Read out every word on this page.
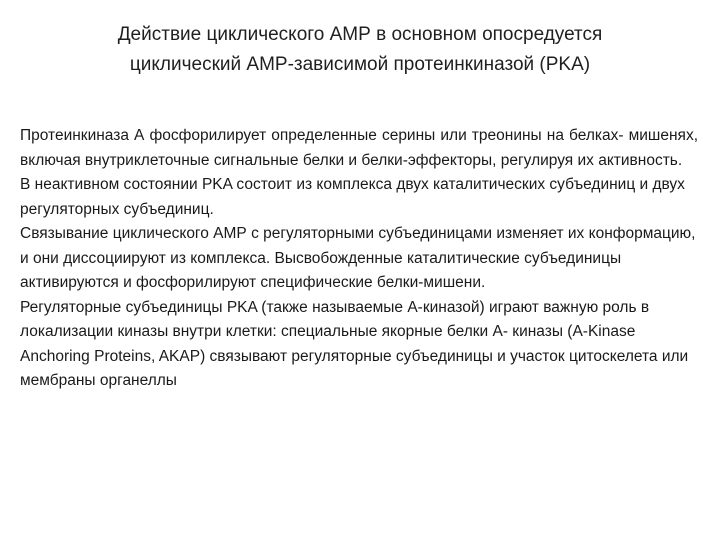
Действие циклического АМР в основном опосредуется
циклический АМР-зависимой протеинкиназой (PKA)

Протеинкиназа А фосфорилирует определенные серины или треонины на белках- мишенях, включая внутриклеточные сигнальные белки и белки-эффекторы, регулируя их активность.

В неактивном состоянии PKA состоит из комплекса двух каталитических субъединиц и двух регуляторных субъединиц.

Связывание циклического АМР с регуляторными субъединицами изменяет их конформацию, и они диссоциируют из комплекса. Высвобожденные каталитические субъединицы активируются и фосфорилируют специфические белки-мишени.

Регуляторные субъединицы PKA (также называемые А-киназой) играют важную роль в локализации киназы внутри клетки: специальные якорные белки А- киназы (A-Kinase Anchoring Proteins, AKAP) связывают регуляторные субъединицы и участок цитоскелета или мембраны органеллы
